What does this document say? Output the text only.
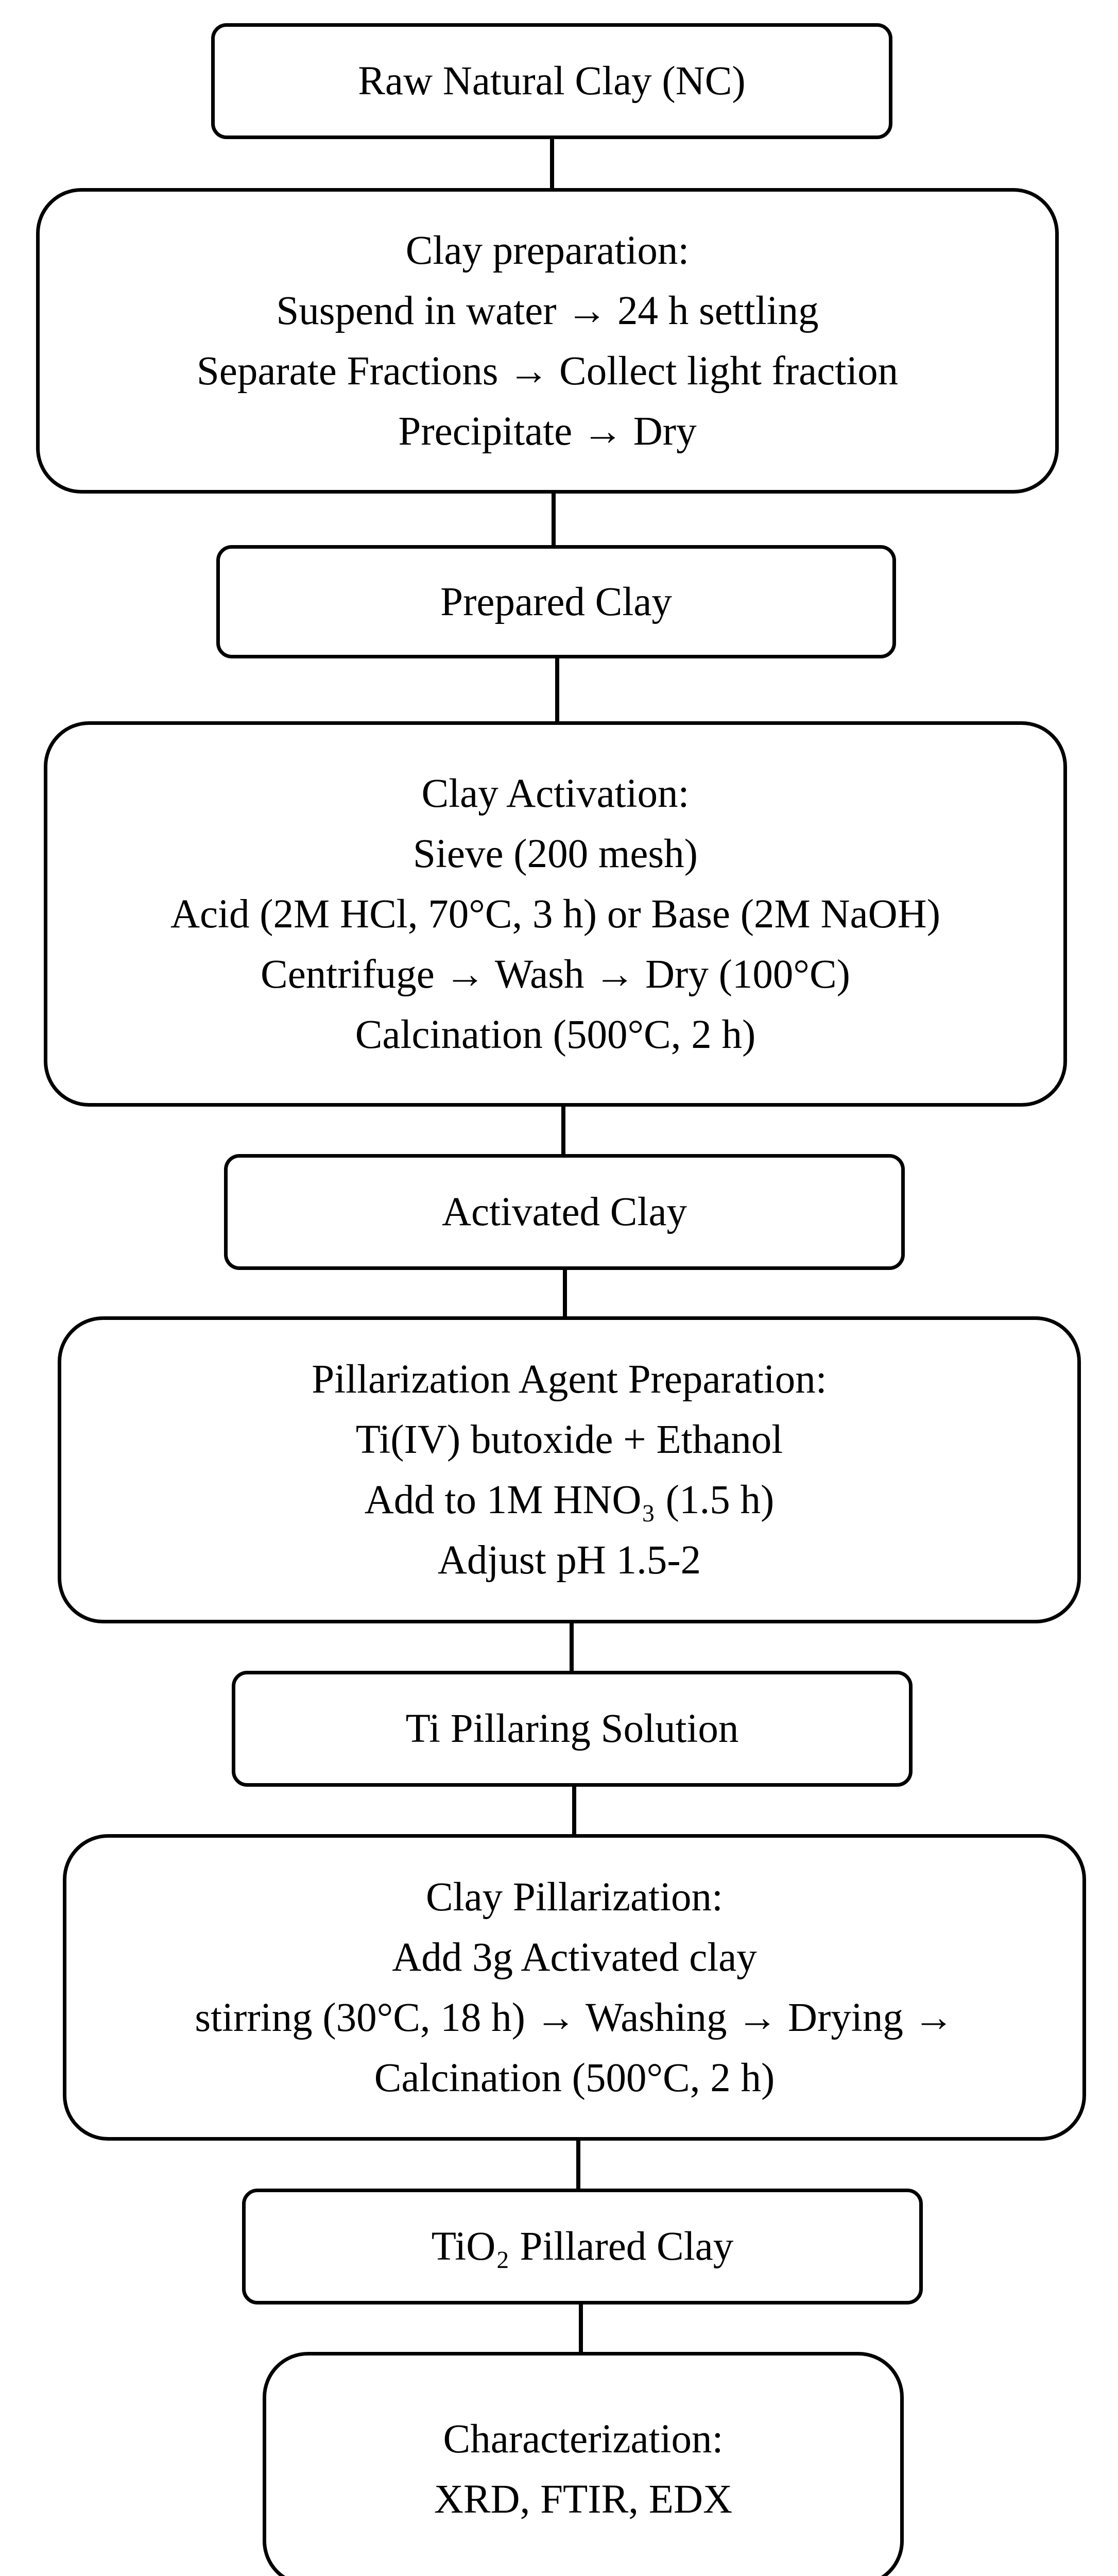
Raw Natural Clay (NC)
Clay preparation:
Suspend in water → 24 h settling
Separate Fractions → Collect light fraction
Precipitate → Dry
Prepared Clay
Clay Activation:
Sieve (200 mesh)
Acid (2M HCl, 70°C, 3 h) or Base (2M NaOH)
Centrifuge → Wash → Dry (100°C)
Calcination (500°C, 2 h)
Activated Clay
Pillarization Agent Preparation:
Ti(IV) butoxide + Ethanol
Add to 1M HNO₃ (1.5 h)
Adjust pH 1.5-2
Ti Pillaring Solution
Clay Pillarization:
Add 3g Activated clay
stirring (30°C, 18 h) → Washing → Drying →
Calcination (500°C, 2 h)
TiO₂ Pillared Clay
Characterization:
XRD, FTIR, EDX
